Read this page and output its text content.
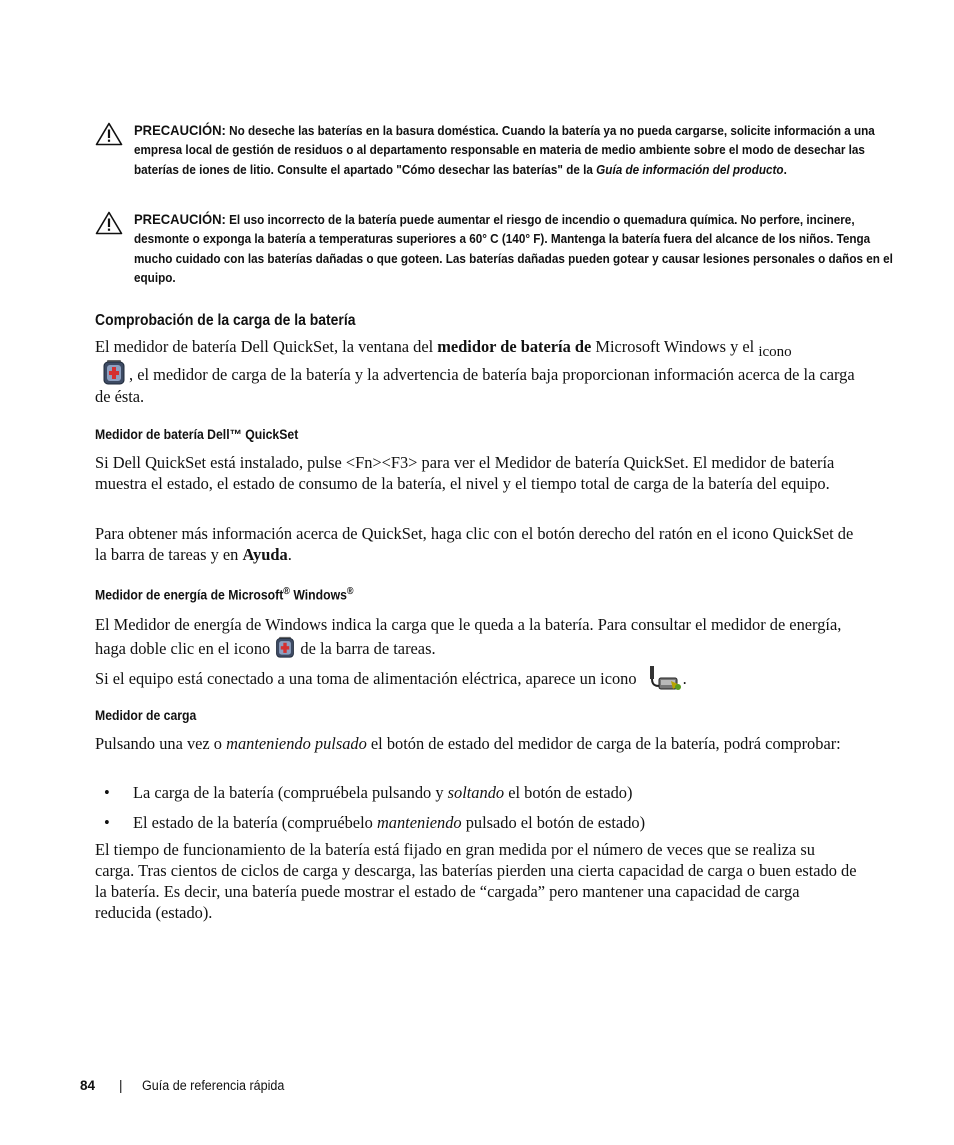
PRECAUCIÓN: No deseche las baterías en la basura doméstica. Cuando la batería ya no pueda cargarse, solicite información a una empresa local de gestión de residuos o al departamento responsable en materia de medio ambiente sobre el modo de desechar las baterías de iones de litio. Consulte el apartado "Cómo desechar las baterías" de la Guía de información del producto.
PRECAUCIÓN: El uso incorrecto de la batería puede aumentar el riesgo de incendio o quemadura química. No perfore, incinere, desmonte o exponga la batería a temperaturas superiores a 60° C (140° F). Mantenga la batería fuera del alcance de los niños. Tenga mucho cuidado con las baterías dañadas o que goteen. Las baterías dañadas pueden gotear y causar lesiones personales o daños en el equipo.
Comprobación de la carga de la batería
El medidor de batería Dell QuickSet, la ventana del medidor de batería de Microsoft Windows y el icono
, el medidor de carga de la batería y la advertencia de batería baja proporcionan información acerca de la carga de ésta.
Medidor de batería Dell™ QuickSet
Si Dell QuickSet está instalado, pulse <Fn><F3> para ver el Medidor de batería QuickSet. El medidor de batería muestra el estado, el estado de consumo de la batería, el nivel y el tiempo total de carga de la batería del equipo.
Para obtener más información acerca de QuickSet, haga clic con el botón derecho del ratón en el icono QuickSet de la barra de tareas y en Ayuda.
Medidor de energía de Microsoft® Windows®
El Medidor de energía de Windows indica la carga que le queda a la batería. Para consultar el medidor de energía, haga doble clic en el icono  de la barra de tareas.
Si el equipo está conectado a una toma de alimentación eléctrica, aparece un icono	.
Medidor de carga
Pulsando una vez o manteniendo pulsado el botón de estado del medidor de carga de la batería, podrá comprobar:
• La carga de la batería (compruébela pulsando y soltando el botón de estado)
• El estado de la batería (compruébelo manteniendo pulsado el botón de estado)
El tiempo de funcionamiento de la batería está fijado en gran medida por el número de veces que se realiza su carga. Tras cientos de ciclos de carga y descarga, las baterías pierden una cierta capacidad de carga o buen estado de la batería. Es decir, una batería puede mostrar el estado de “cargada” pero mantener una capacidad de carga reducida (estado).
84 | Guía de referencia rápida
